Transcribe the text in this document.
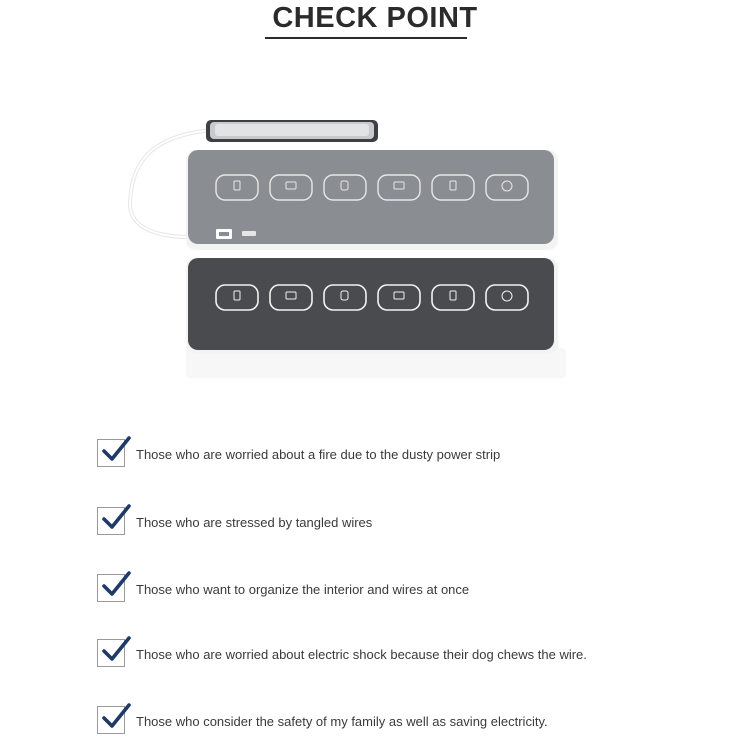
CHECK POINT
Those who are worried about a fire due to the dusty power strip
Those who are stressed by tangled wires
Those who want to organize the interior and wires at once
Those who are worried about electric shock because their dog chews the wire.
Those who consider the safety of my family as well as saving electricity.
